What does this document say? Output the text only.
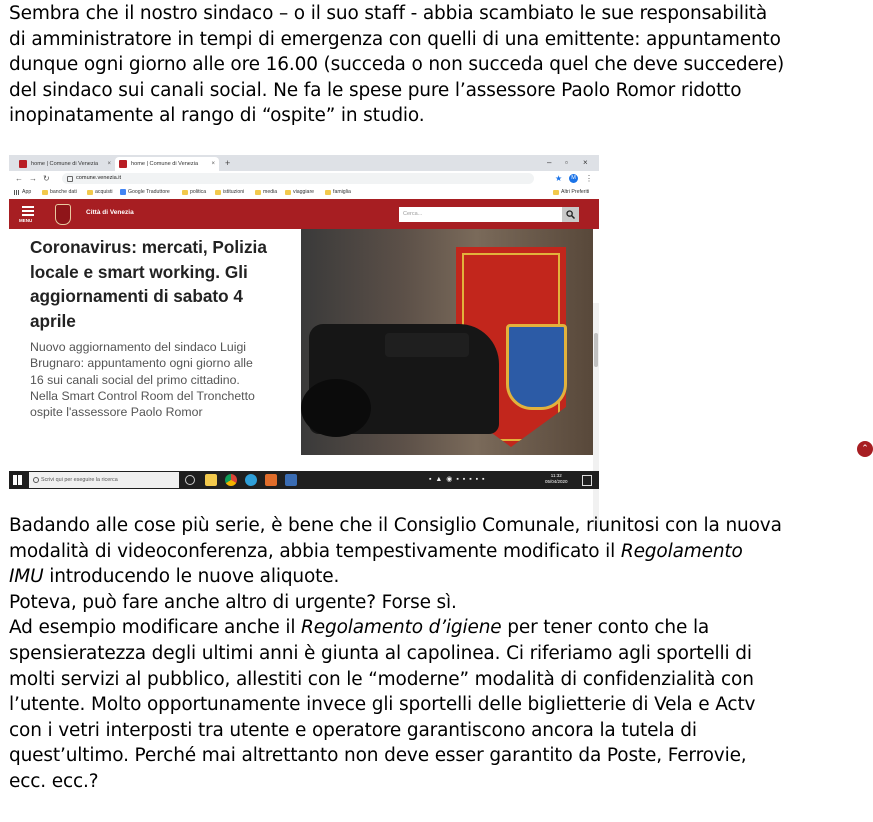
Sembra che il nostro sindaco – o il suo staff - abbia scambiato le sue responsabilità
di amministratore in tempi di emergenza con quelli di una emittente: appuntamento
dunque ogni giorno alle ore 16.00 (succeda o non succeda quel che deve succedere)
del sindaco sui canali social. Ne fa le spese pure l’assessore Paolo Romor ridotto
inopinatamente al rango di “ospite” in studio.
home | Comune di Venezia ×	home | Comune di Venezia × +	– ▫ ×
← → ↻	comune.venezia.it	★	M ⋮
App	banche dati	acquisti	Google Traduttore	politica	istituzioni	media	viaggiare	famiglia	Altri Preferiti
MENU
Città di Venezia	Cerca...
Coronavirus: mercati, Polizia
locale e smart working. Gli
aggiornamenti di sabato 4
aprile
Nuovo aggiornamento del sindaco Luigi
Brugnaro: appuntamento ogni giorno alle
16 sui canali social del primo cittadino.
Nella Smart Control Room del Tronchetto
ospite l'assessore Paolo Romor
⌃
Scrivi qui per eseguire la ricerca	▪ ▲ ◉ ▪ ▪ ▪ ▪ ▪
11:32
05/04/2020
Badando alle cose più serie, è bene che il Consiglio Comunale, riunitosi con la nuova
modalità di videoconferenza, abbia tempestivamente modificato il Regolamento
IMU introducendo le nuove aliquote.
Poteva, può fare anche altro di urgente? Forse sì.
Ad esempio modificare anche il Regolamento d’igiene per tener conto che la
spensieratezza degli ultimi anni è giunta al capolinea. Ci riferiamo agli sportelli di
molti servizi al pubblico, allestiti con le “moderne” modalità di confidenzialità con
l’utente. Molto opportunamente invece gli sportelli delle biglietterie di Vela e Actv
con i vetri interposti tra utente e operatore garantiscono ancora la tutela di
quest’ultimo. Perché mai altrettanto non deve esser garantito da Poste, Ferrovie,
ecc. ecc.?
